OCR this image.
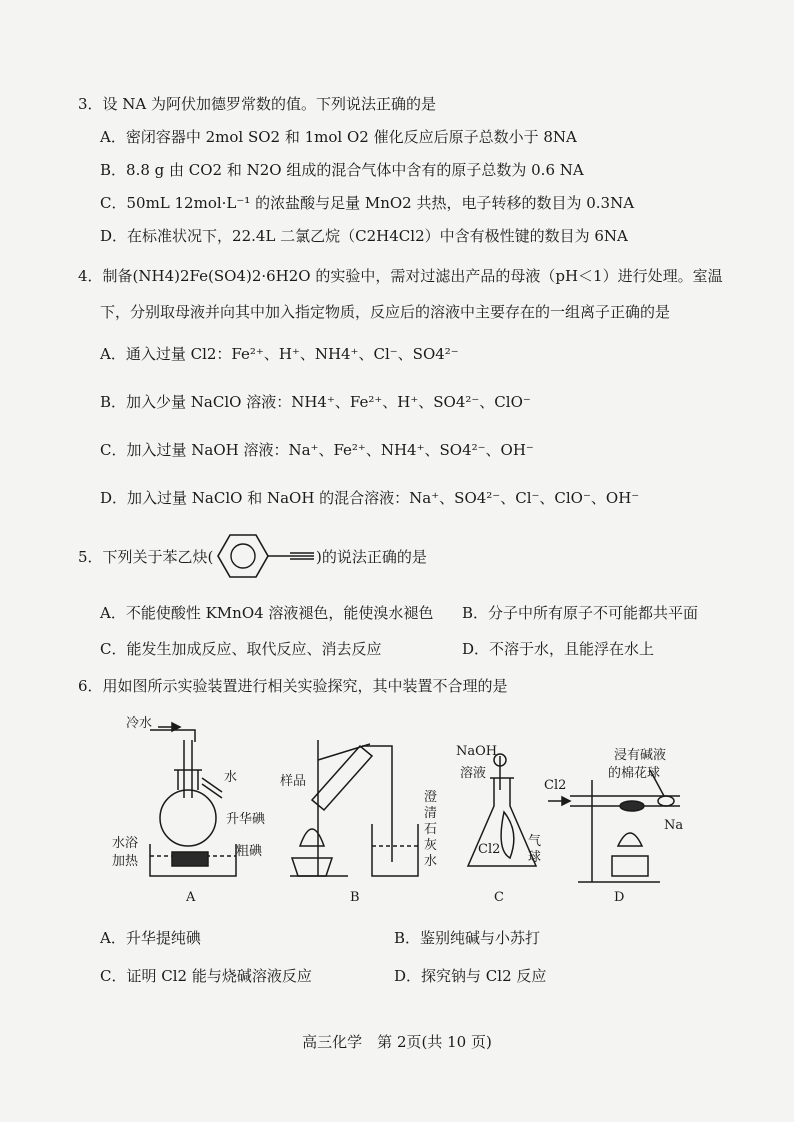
3．设 NA 为阿伏加德罗常数的值。下列说法正确的是
A．密闭容器中 2mol SO2 和 1mol O2 催化反应后原子总数小于 8NA
B．8.8 g 由 CO2 和 N2O 组成的混合气体中含有的原子总数为 0.6 NA
C．50mL 12mol·L⁻¹ 的浓盐酸与足量 MnO2 共热，电子转移的数目为 0.3NA
D．在标准状况下，22.4L 二氯乙烷（C2H4Cl2）中含有极性键的数目为 6NA
4．制备(NH4)2Fe(SO4)2·6H2O 的实验中，需对过滤出产品的母液（pH＜1）进行处理。室温
下，分别取母液并向其中加入指定物质，反应后的溶液中主要存在的一组离子正确的是
A．通入过量 Cl2：Fe²⁺、H⁺、NH4⁺、Cl⁻、SO4²⁻
B．加入少量 NaClO 溶液：NH4⁺、Fe²⁺、H⁺、SO4²⁻、ClO⁻
C．加入过量 NaOH 溶液：Na⁺、Fe²⁺、NH4⁺、SO4²⁻、OH⁻
D．加入过量 NaClO 和 NaOH 的混合溶液：Na⁺、SO4²⁻、Cl⁻、ClO⁻、OH⁻
5．下列关于苯乙炔(	)的说法正确的是
A．不能使酸性 KMnO4 溶液褪色，能使溴水褪色 B．分子中所有原子不可能都共平面
C．能发生加成反应、取代反应、消去反应	D．不溶于水，且能浮在水上
6．用如图所示实验装置进行相关实验探究，其中装置不合理的是
冷水
水
升华碘
水浴
加热
粗碘
A
样品
澄清石灰水
B
NaOH
溶液
气球
Cl2
C
浸有碱液
的棉花球
Cl2
Na
D
A．升华提纯碘	B．鉴别纯碱与小苏打
C．证明 Cl2 能与烧碱溶液反应	D．探究钠与 Cl2 反应
高三化学　第 2页(共 10 页)
